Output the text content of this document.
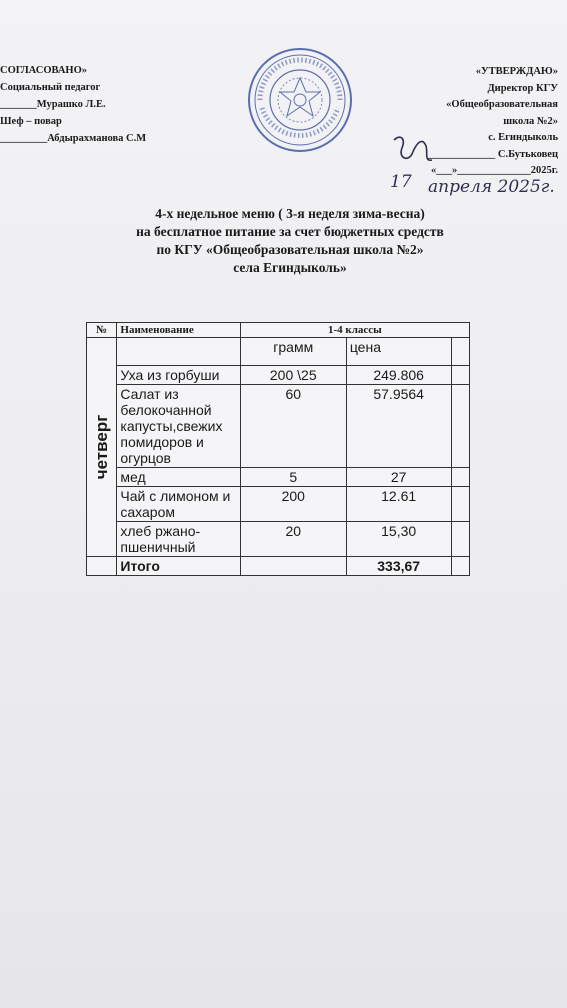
СОГЛАСОВАНО»
Социальный педагог
_______Мурашко Л.Е.
Шеф – повар
_________Абдырахманова С.М
«УТВЕРЖДАЮ»
Директор КГУ
«Общеобразовательная
школа №2»
с. Егиндыколь
_____________ С.Бутьковец
«___»______________2025г.
17 апреля 2025г.
4-х недельное меню ( 3-я неделя зима-весна)
на бесплатное питание за счет бюджетных средств
по КГУ «Общеобразовательная школа №2»
села Егиндыколь»
№	Наименование	1-4 классы		

четверг		грамм	цена	
	Уха из горбуши	200 \25	249.806	
	Салат из белокочанной капусты,свежих помидоров и огурцов	60	57.9564	
	мед	5	27	
	Чай с лимоном и сахаром	200	12.61	
	хлеб ржано-пшеничный	20	15,30	
	Итого		333,67	
